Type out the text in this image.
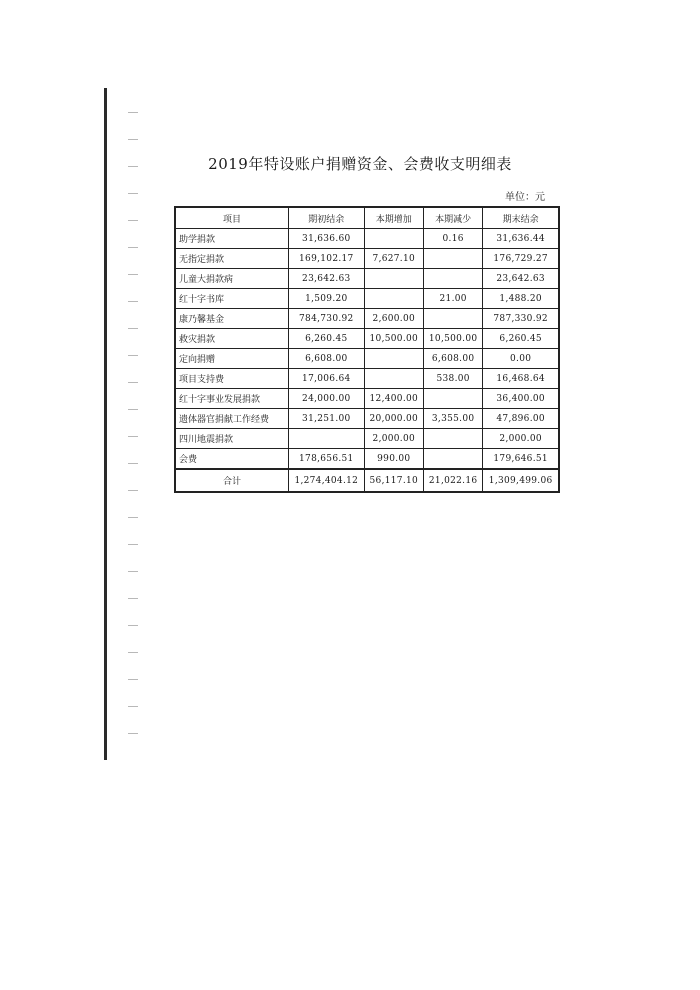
2019年特设账户捐赠资金、会费收支明细表

单位：元

项目	期初结余	本期增加	本期减少	期末结余
助学捐款	31,636.60		0.16	31,636.44
无指定捐款	169,102.17	7,627.10		176,729.27
儿童大捐款病	23,642.63			23,642.63
红十字书库	1,509.20		21.00	1,488.20
康乃馨基金	784,730.92	2,600.00		787,330.92
救灾捐款	6,260.45	10,500.00	10,500.00	6,260.45
定向捐赠	6,608.00		6,608.00	0.00
项目支持费	17,006.64		538.00	16,468.64
红十字事业发展捐款	24,000.00	12,400.00		36,400.00
遗体器官捐献工作经费	31,251.00	20,000.00	3,355.00	47,896.00
四川地震捐款		2,000.00		2,000.00
会费	178,656.51	990.00		179,646.51
合计	1,274,404.12	56,117.10	21,022.16	1,309,499.06
